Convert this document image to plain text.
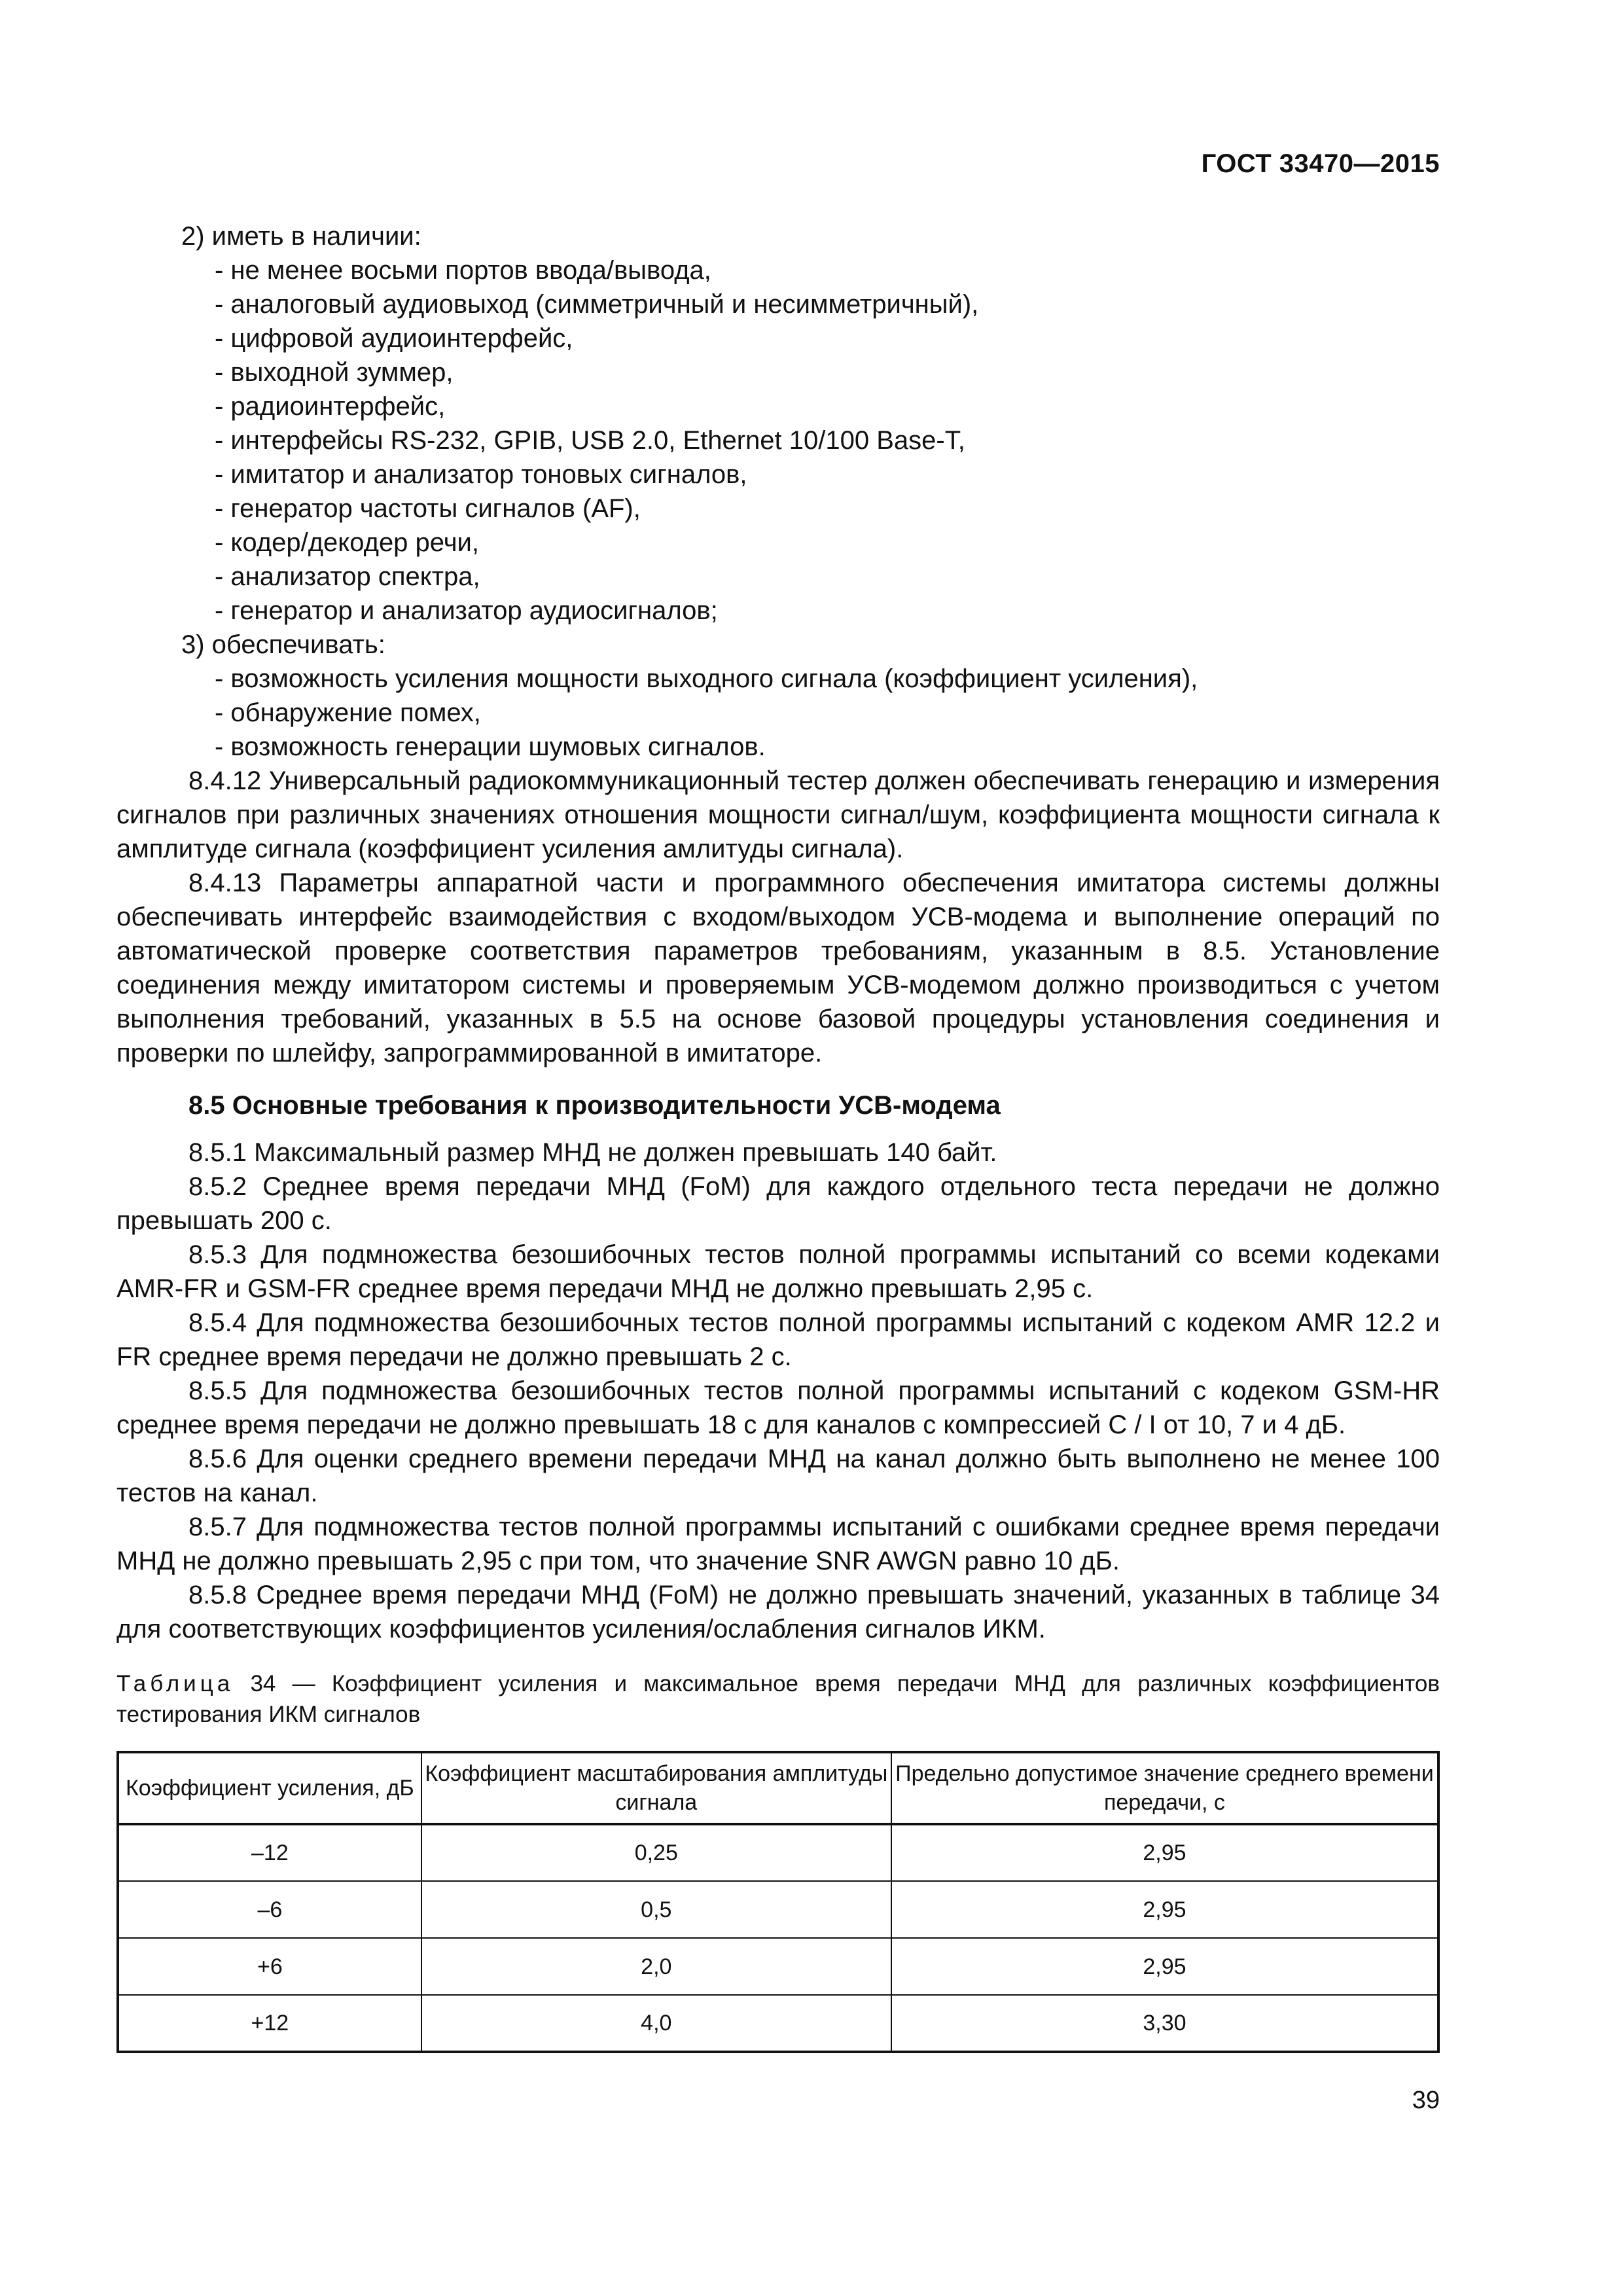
ГОСТ 33470—2015

2) иметь в наличии:

- не менее восьми портов ввода/вывода,

- аналоговый аудиовыход (симметричный и несимметричный),

- цифровой аудиоинтерфейс,

- выходной зуммер,

- радиоинтерфейс,

- интерфейсы RS-232, GPIB, USB 2.0, Ethernet 10/100 Base-T,

- имитатор и анализатор тоновых сигналов,

- генератор частоты сигналов (AF),

- кодер/декодер речи,

- анализатор спектра,

- генератор и анализатор аудиосигналов;

3) обеспечивать:

- возможность усиления мощности выходного сигнала (коэффициент усиления),

- обнаружение помех,

- возможность генерации шумовых сигналов.

8.4.12 Универсальный радиокоммуникационный тестер должен обеспечивать генерацию и измерения сигналов при различных значениях отношения мощности сигнал/шум, коэффициента мощности сигнала к амплитуде сигнала (коэффициент усиления амлитуды сигнала).

8.4.13 Параметры аппаратной части и программного обеспечения имитатора системы должны обеспечивать интерфейс взаимодействия с входом/выходом УСВ-модема и выполнение операций по автоматической проверке соответствия параметров требованиям, указанным в 8.5. Установление соединения между имитатором системы и проверяемым УСВ-модемом должно производиться с учетом выполнения требований, указанных в 5.5 на основе базовой процедуры установления соединения и проверки по шлейфу, запрограммированной в имитаторе.

8.5 Основные требования к производительности УСВ-модема

8.5.1 Максимальный размер МНД не должен превышать 140 байт.

8.5.2 Среднее время передачи МНД (FoM) для каждого отдельного теста передачи не должно превышать 200 с.

8.5.3 Для подмножества безошибочных тестов полной программы испытаний со всеми кодеками AMR-FR и GSM-FR среднее время передачи МНД не должно превышать 2,95 с.

8.5.4 Для подмножества безошибочных тестов полной программы испытаний с кодеком AMR 12.2 и FR среднее время передачи не должно превышать 2 с.

8.5.5 Для подмножества безошибочных тестов полной программы испытаний с кодеком GSM-HR среднее время передачи не должно превышать 18 с для каналов с компрессией С / I от 10, 7 и 4 дБ.

8.5.6 Для оценки среднего времени передачи МНД на канал должно быть выполнено не менее 100 тестов на канал.

8.5.7 Для подмножества тестов полной программы испытаний с ошибками среднее время передачи МНД не должно превышать 2,95 с при том, что значение SNR AWGN равно 10 дБ.

8.5.8 Среднее время передачи МНД (FoM) не должно превышать значений, указанных в таблице 34 для соответствующих коэффициентов усиления/ослабления сигналов ИКМ.

Таблица 34 — Коэффициент усиления и максимальное время передачи МНД для различных коэффициентов тестирования ИКМ сигналов
Коэффициент усиления, дБ	Коэффициент масштабирования амплитуды сигнала	Предельно допустимое значение среднего времени передачи, с
–12	0,25	2,95
–6	0,5	2,95
+6	2,0	2,95
+12	4,0	3,30
39
